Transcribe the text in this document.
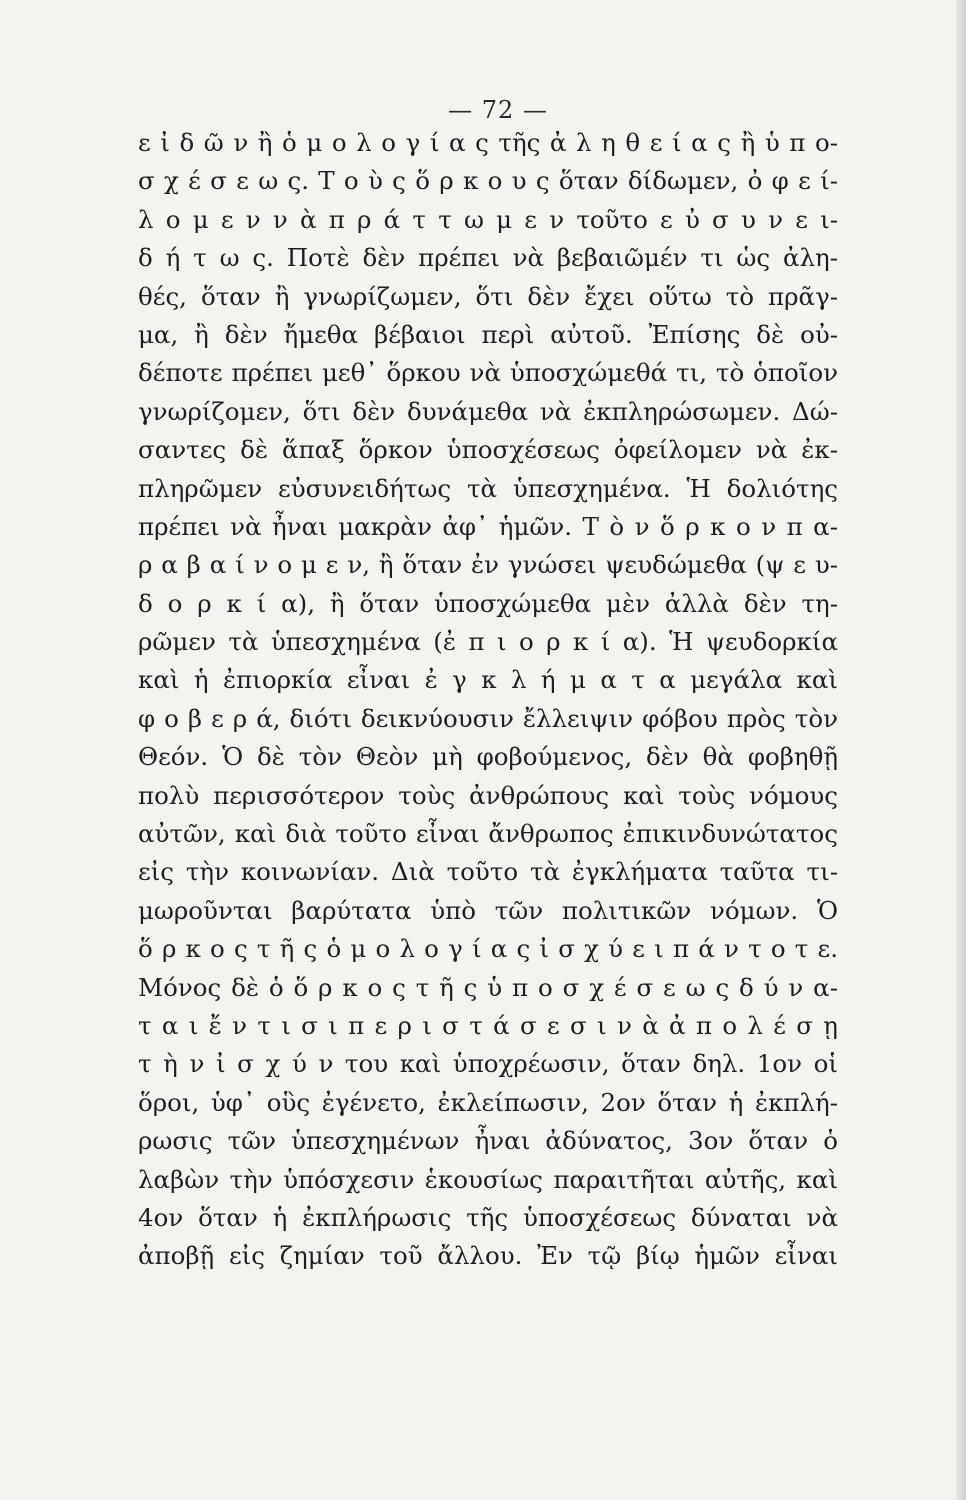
— 72 —
ε ἰ δ ῶ ν ἢ ὁ μ ο λ ο γ ί α ς τῆς ἀ λ η θ ε ί α ς ἢ ὑ π ο-
σ χ έ σ ε ω ς. Τ ο ὺ ς ὅ ρ κ ο υ ς ὅταν δίδωμεν, ὀ φ ε ί-
λ ο μ ε ν ν ὰ π ρ ά τ τ ω μ ε ν τοῦτο ε ὐ σ υ ν ε ι-
δ ή τ ω ς. Ποτὲ δὲν πρέπει νὰ βεβαιῶμέν τι ὡς ἀλη-
θές, ὅταν ἢ γνωρίζωμεν, ὅτι δὲν ἔχει οὕτω τὸ πρᾶγ-
μα, ἢ δὲν ἤμεθα βέβαιοι περὶ αὐτοῦ. Ἐπίσης δὲ οὐ-
δέποτε πρέπει μεθ᾽ ὅρκου νὰ ὑποσχώμεθά τι, τὸ ὁποῖον
γνωρίζομεν, ὅτι δὲν δυνάμεθα νὰ ἐκπληρώσωμεν. Δώ-
σαντες δὲ ἅπαξ ὅρκον ὑποσχέσεως ὀφείλομεν νὰ ἐκ-
πληρῶμεν εὐσυνειδήτως τὰ ὑπεσχημένα. Ἡ δολιότης
πρέπει νὰ ἦναι μακρὰν ἀφ᾽ ἡμῶν. Τ ὸ ν ὅ ρ κ ο ν π α-
ρ α β α ί ν ο μ ε ν, ἢ ὅταν ἐν γνώσει ψευδώμεθα (ψ ε υ-
δ ο ρ κ ί α), ἢ ὅταν ὑποσχώμεθα μὲν ἀλλὰ δὲν τη-
ρῶμεν τὰ ὑπεσχημένα (ἐ π ι ο ρ κ ί α). Ἡ ψευδορκία
καὶ ἡ ἐπιορκία εἶναι ἐ γ κ λ ή μ α τ α μεγάλα καὶ
φ ο β ε ρ ά, διότι δεικνύουσιν ἔλλειψιν φόβου πρὸς τὸν
Θεόν. Ὁ δὲ τὸν Θεὸν μὴ φοβούμενος, δὲν θὰ φοβηθῇ
πολὺ περισσότερον τοὺς ἀνθρώπους καὶ τοὺς νόμους
αὐτῶν, καὶ διὰ τοῦτο εἶναι ἄνθρωπος ἐπικινδυνώτατος
εἰς τὴν κοινωνίαν. Διὰ τοῦτο τὰ ἐγκλήματα ταῦτα τι-
μωροῦνται βαρύτατα ὑπὸ τῶν πολιτικῶν νόμων. Ὁ
ὅ ρ κ ο ς τ ῆ ς ὁ μ ο λ ο γ ί α ς ἰ σ χ ύ ε ι π ά ν τ ο τ ε.
Μόνος δὲ ὁ ὅ ρ κ ο ς τ ῆ ς ὑ π ο σ χ έ σ ε ω ς δ ύ ν α-
τ α ι ἔ ν τ ι σ ι π ε ρ ι σ τ ά σ ε σ ι ν ὰ ἀ π ο λ έ σ ῃ
τ ὴ ν ἰ σ χ ύ ν του καὶ ὑποχρέωσιν, ὅταν δηλ. 1ον οἱ
ὅροι, ὑφ᾽ οὓς ἐγένετο, ἐκλείπωσιν, 2ον ὅταν ἡ ἐκπλή-
ρωσις τῶν ὑπεσχημένων ἦναι ἀδύνατος, 3ον ὅταν ὁ
λαβὼν τὴν ὑπόσχεσιν ἑκουσίως παραιτῆται αὐτῆς, καὶ
4ον ὅταν ἡ ἐκπλήρωσις τῆς ὑποσχέσεως δύναται νὰ
ἀποβῇ εἰς ζημίαν τοῦ ἄλλου. Ἐν τῷ βίῳ ἡμῶν εἶναι
